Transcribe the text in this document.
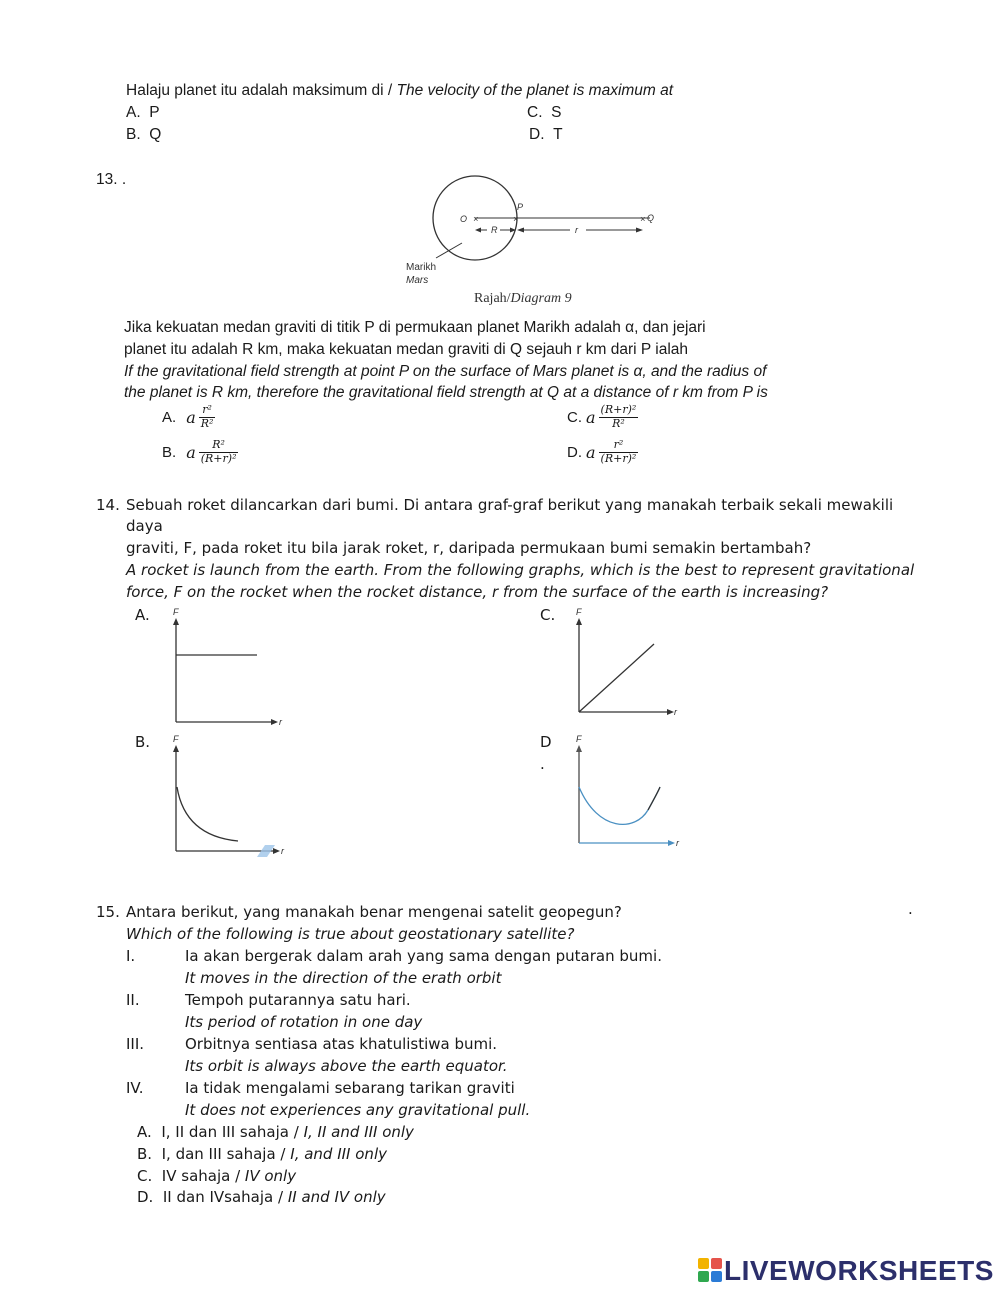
Halaju planet itu adalah maksimum di / The velocity of the planet is maximum at
A. P
B. Q
C. S
D. T
13. .
O ×
P
×	× Q
R	r
Marikh
Mars
Rajah/Diagram 9
Jika kekuatan medan graviti di titik P di permukaan planet Marikh adalah α, dan jejari
planet itu adalah R km, maka kekuatan medan graviti di Q sejauh r km dari P ialah
If the gravitational field strength at point P on the surface of Mars planet is α, and the radius of
the planet is R km, therefore the gravitational field strength at Q at a distance of r km from P is
A. a $\frac{\text{r²}}{\text{R²}}$
B. a $\frac{\text{R²}}{\text{(R+r)²}}$
C. a $\frac{\text{(R+r)²}}{\text{R²}}$
D. a $\frac{\text{r²}}{\text{(R+r)²}}$
14. Sebuah roket dilancarkan dari bumi. Di antara graf-graf berikut yang manakah terbaik sekali mewakili
daya
graviti, F, pada roket itu bila jarak roket, r, daripada permukaan bumi semakin bertambah?
A rocket is launch from the earth. From the following graphs, which is the best to represent gravitational
force, F on the rocket when the rocket distance, r from the surface of the earth is increasing?
A.	F
r
B.	F
r
C. F
r
D
.
F
r
15. Antara berikut, yang manakah benar mengenai satelit geopegun?
Which of the following is true about geostationary satellite?
.
I.	Ia akan bergerak dalam arah yang sama dengan putaran bumi.
It moves in the direction of the erath orbit
II.	Tempoh putarannya satu hari.
Its period of rotation in one day
III.	Orbitnya sentiasa atas khatulistiwa bumi.
Its orbit is always above the earth equator.
IV.	Ia tidak mengalami sebarang tarikan graviti
It does not experiences any gravitational pull.
A. I, II dan III sahaja / I, II and III only
B. I, dan III sahaja / I, and III only
C. IV sahaja / IV only
D. II dan IVsahaja / II and IV only
LIVEWORKSHEETS
